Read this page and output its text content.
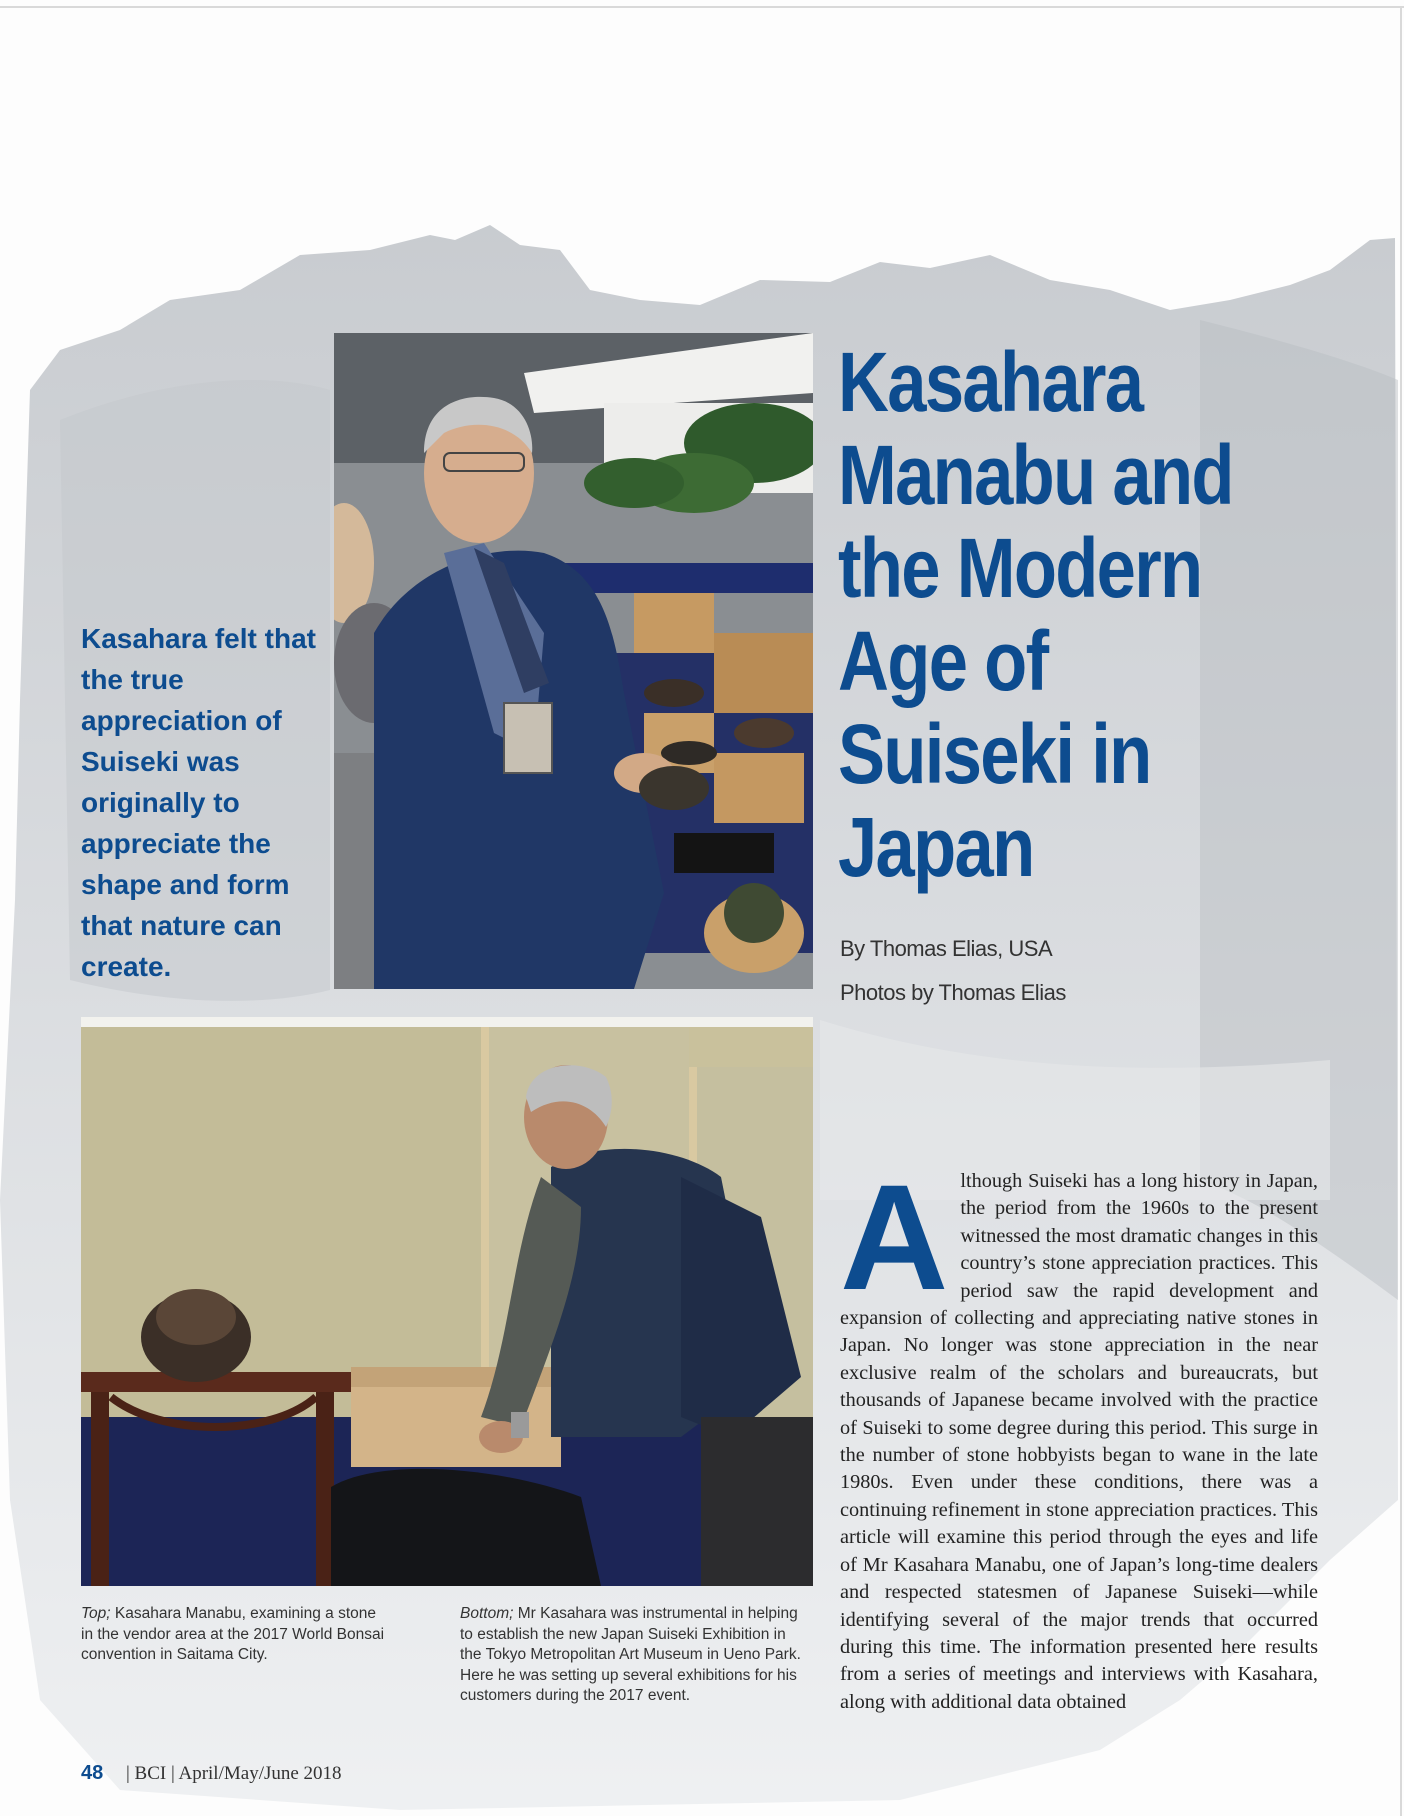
Kasahara felt that the true appreciation of Suiseki was originally to appreciate the shape and form that nature can create.
Kasahara Manabu and the Modern Age of Suiseki in Japan
By Thomas Elias, USA
Photos by Thomas Elias
Although Suiseki has a long history in Japan, the period from the 1960s to the present witnessed the most dramatic changes in this country’s stone appreciation practices. This period saw the rapid development and expansion of collecting and appreciating native stones in Japan. No longer was stone appreciation in the near exclusive realm of the scholars and bureaucrats, but thousands of Japanese became involved with the practice of Suiseki to some degree during this period. This surge in the number of stone hobbyists began to wane in the late 1980s. Even under these conditions, there was a continuing refinement in stone appreciation practices. This article will examine this period through the eyes and life of Mr Kasahara Manabu, one of Japan’s long-time dealers and respected statesmen of Japanese Suiseki—while identifying several of the major trends that occurred during this time. The information presented here results from a series of meetings and interviews with Kasahara, along with additional data obtained
Top; Kasahara Manabu, examining a stone in the vendor area at the 2017 World Bonsai convention in Saitama City.
Bottom; Mr Kasahara was instrumental in helping to establish the new Japan Suiseki Exhibition in the Tokyo Metropolitan Art Museum in Ueno Park. Here he was setting up several exhibitions for his customers during the 2017 event.
48 | BCI | April/May/June 2018
